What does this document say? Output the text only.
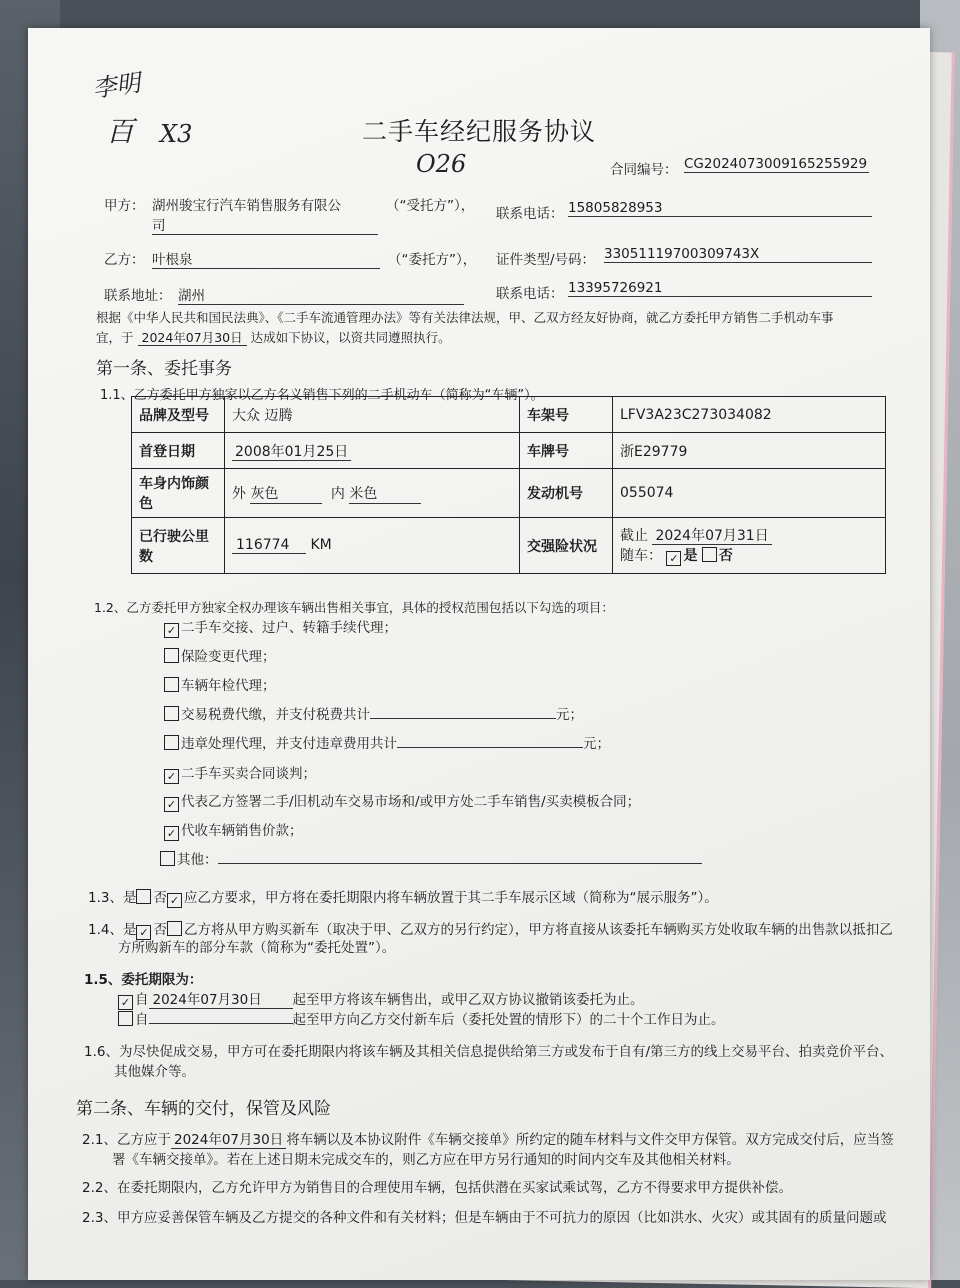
李明
百 X3
O26
二手车经纪服务协议
合同编号： CG2024073009165255929
甲方： 湖州骏宝行汽车销售服务有限公
司
（“受托方”）， 联系电话： 15805828953
乙方： 叶根泉	（“委托方”）， 证件类型/号码： 33051119700309743X
联系地址： 湖州	联系电话： 13395726921
根据《中华人民共和国民法典》、《二手车流通管理办法》等有关法律法规，甲、乙双方经友好协商，就乙方委托甲方销售二手机动车事
宜，于 2024年07月30日 达成如下协议，以资共同遵照执行。
第一条、委托事务
1.1、乙方委托甲方独家以乙方名义销售下列的二手机动车（简称为“车辆”）。
品牌及型号	大众 迈腾	车架号	LFV3A23C273034082
首登日期	2008年01月25日	车牌号	浙E29779
车身内饰颜色	外 灰色 内 米色	发动机号	055074
已行驶公里数	116774 KM	交强险状况	截止 2024年07月31日
随车： ✓ 是 否
1.2、乙方委托甲方独家全权办理该车辆出售相关事宜，具体的授权范围包括以下勾选的项目：
✓ 二手车交接、过户、转籍手续代理；
保险变更代理；
车辆年检代理；
交易税费代缴，并支付税费共计	元；
违章处理代理，并支付违章费用共计	元；
✓ 二手车买卖合同谈判；
✓ 代表乙方签署二手/旧机动车交易市场和/或甲方处二手车销售/买卖模板合同；
✓ 代收车辆销售价款；
其他：
1.3、是 否 ✓ 应乙方要求，甲方将在委托期限内将车辆放置于其二手车展示区域（简称为“展示服务”）。
1.4、是 ✓ 否 乙方将从甲方购买新车（取决于甲、乙双方的另行约定），甲方将直接从该委托车辆购买方处收取车辆的出售款以抵扣乙
方所购新车的部分车款（简称为“委托处置”）。
1.5、委托期限为：
✓ 自 2024年07月30日 起至甲方将该车辆售出，或甲乙双方协议撤销该委托为止。
自	起至甲方向乙方交付新车后（委托处置的情形下）的二十个工作日为止。
1.6、为尽快促成交易，甲方可在委托期限内将该车辆及其相关信息提供给第三方或发布于自有/第三方的线上交易平台、拍卖竞价平台、
其他媒介等。
第二条、车辆的交付，保管及风险
2.1、乙方应于 2024年07月30日 将车辆以及本协议附件《车辆交接单》所约定的随车材料与文件交甲方保管。双方完成交付后，应当签
署《车辆交接单》。若在上述日期未完成交车的，则乙方应在甲方另行通知的时间内交车及其他相关材料。
2.2、在委托期限内，乙方允许甲方为销售目的合理使用车辆，包括供潜在买家试乘试驾，乙方不得要求甲方提供补偿。
2.3、甲方应妥善保管车辆及乙方提交的各种文件和有关材料；但是车辆由于不可抗力的原因（比如洪水、火灾）或其固有的质量问题或
